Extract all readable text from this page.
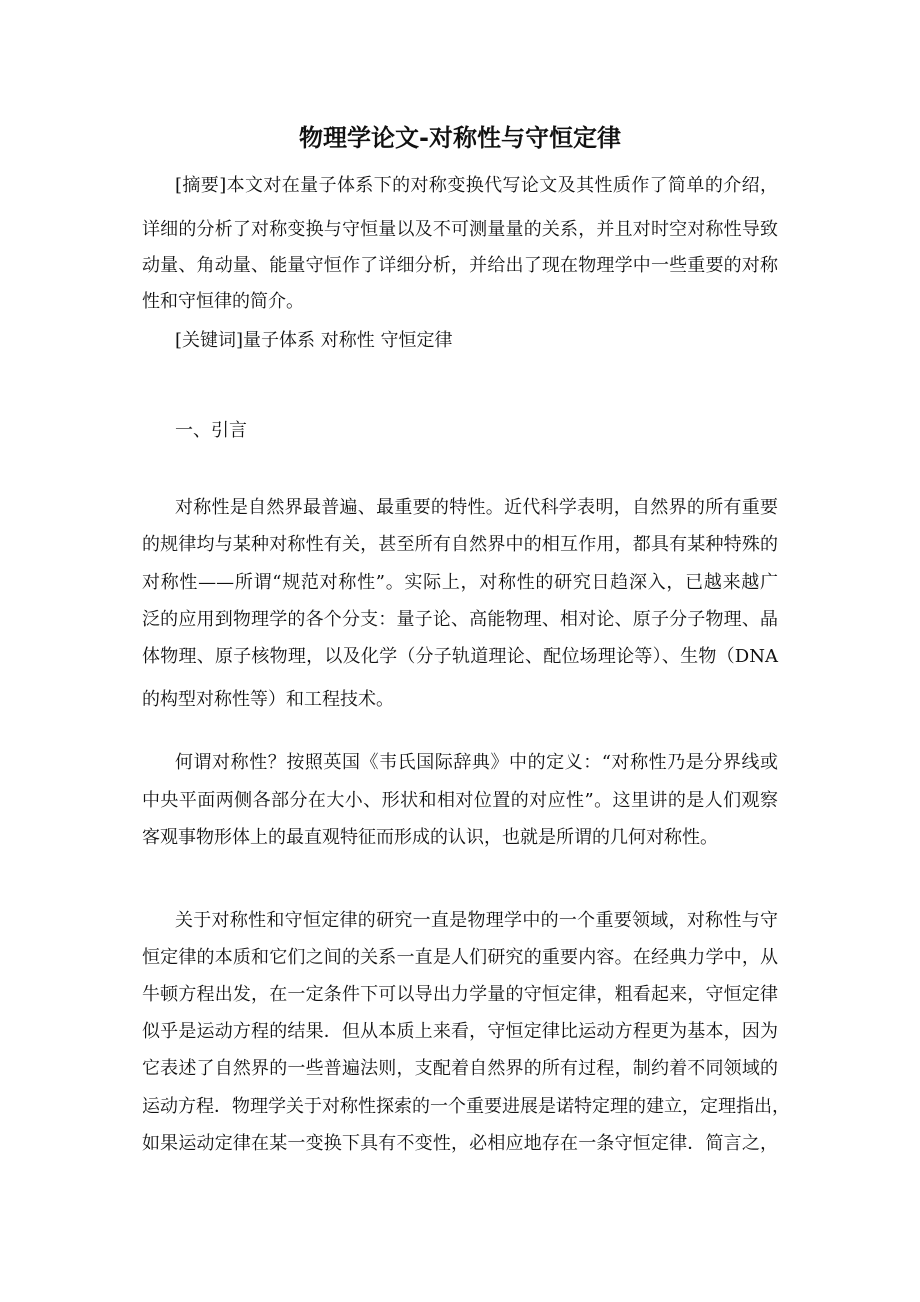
物理学论文-对称性与守恒定律
[摘要]本文对在量子体系下的对称变换代写论文及其性质作了简单的介绍，
详细的分析了对称变换与守恒量以及不可测量量的关系，并且对时空对称性导致
动量、角动量、能量守恒作了详细分析，并给出了现在物理学中一些重要的对称
性和守恒律的简介。
[关键词]量子体系 对称性 守恒定律
一、引言
对称性是自然界最普遍、最重要的特性。近代科学表明，自然界的所有重要
的规律均与某种对称性有关，甚至所有自然界中的相互作用，都具有某种特殊的
对称性——所谓“规范对称性”。实际上，对称性的研究日趋深入，已越来越广
泛的应用到物理学的各个分支：量子论、高能物理、相对论、原子分子物理、晶
体物理、原子核物理，以及化学（分子轨道理论、配位场理论等）、生物（DNA
的构型对称性等）和工程技术。
何谓对称性？按照英国《韦氏国际辞典》中的定义：“对称性乃是分界线或
中央平面两侧各部分在大小、形状和相对位置的对应性”。这里讲的是人们观察
客观事物形体上的最直观特征而形成的认识，也就是所谓的几何对称性。
关于对称性和守恒定律的研究一直是物理学中的一个重要领域，对称性与守
恒定律的本质和它们之间的关系一直是人们研究的重要内容。在经典力学中，从
牛顿方程出发，在一定条件下可以导出力学量的守恒定律，粗看起来，守恒定律
似乎是运动方程的结果．但从本质上来看，守恒定律比运动方程更为基本，因为
它表述了自然界的一些普遍法则，支配着自然界的所有过程，制约着不同领域的
运动方程．物理学关于对称性探索的一个重要进展是诺特定理的建立，定理指出，
如果运动定律在某一变换下具有不变性，必相应地存在一条守恒定律．简言之，
